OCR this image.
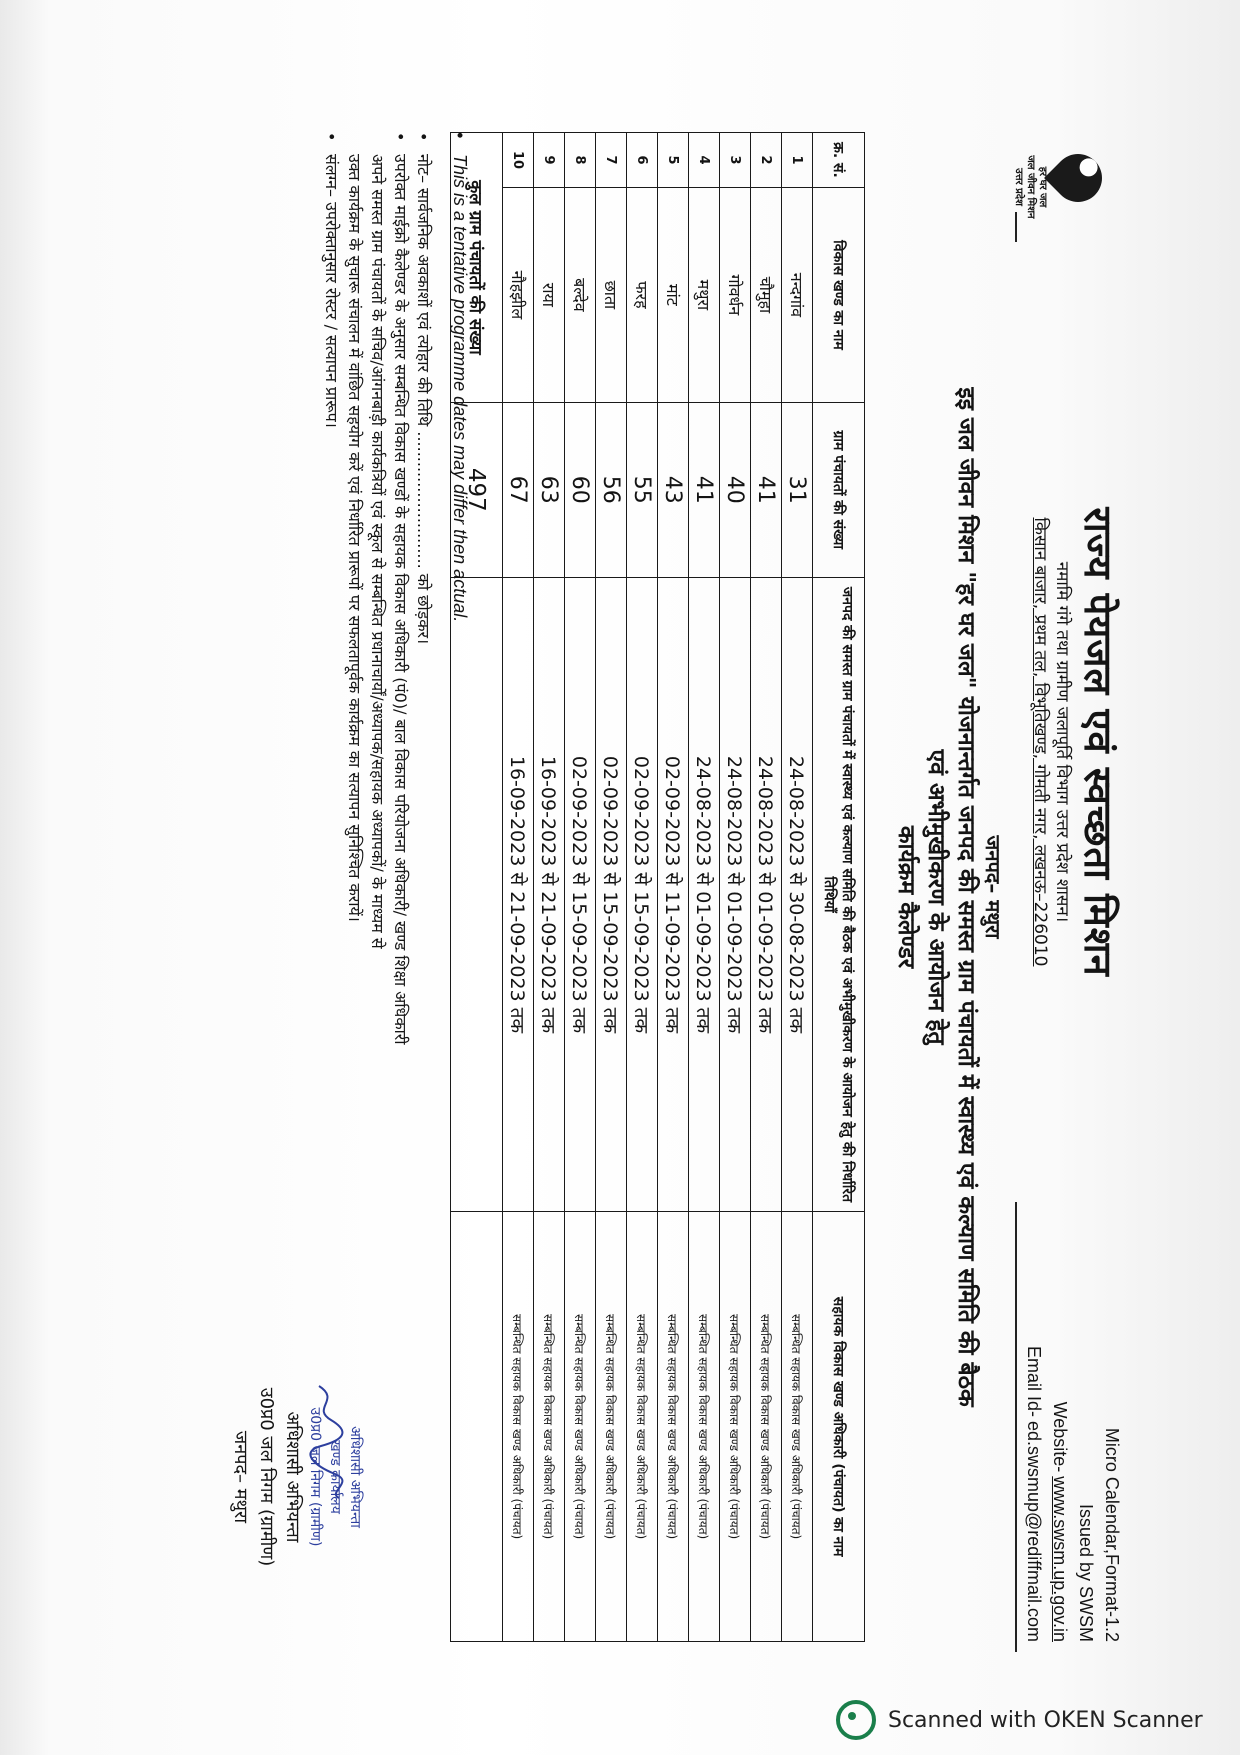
हर घर जल
जल जीवन मिशन
उत्तर प्रदेश
राज्य पेयजल एवं स्वच्छता मिशन
नमामि गंगे तथा ग्रामीण जलापूर्ति विभाग उत्तर प्रदेश शासन।
किसान बाजार, प्रथम तल, विभूतिखण्ड, गोमती नगर, लखनऊ–226010
Micro Calendar,Format-1.2
Issued by SWSM
Website-www.swsm.up.gov.in
Email Id-ed.swsmup@rediffmail.com
जनपद– मथुरा
इइ जल जीवन मिशन "हर घर जल" योजनान्तर्गत जनपद की समस्त ग्राम पंचायतों में स्वास्थ्य एवं कल्याण समिति की बैठक
एवं अभीमुखीकरण के आयोजन हेतु
कार्यक्रम कैलेण्डर
क्र. सं.	विकास खण्ड का नाम	ग्राम पंचायतों की संख्या	जनपद की समस्त ग्राम पंचायतों में स्वास्थ्य एवं कल्याण समिति की बैठक एवं अभीमुखीकरण के आयोजन हेतु की निर्धारित तिथियाँ	सहायक विकास खण्ड अधिकारी (पंचायत) का नाम
1	नन्दगांव	31	24-08-2023 से 30-08-2023 तक	सम्बन्धित सहायक विकास खण्ड अधिकारी (पंचायत)
2	चौमुहा	41	24-08-2023 से 01-09-2023 तक	सम्बन्धित सहायक विकास खण्ड अधिकारी (पंचायत)
3	गोवर्धन	40	24-08-2023 से 01-09-2023 तक	सम्बन्धित सहायक विकास खण्ड अधिकारी (पंचायत)
4	मथुरा	41	24-08-2023 से 01-09-2023 तक	सम्बन्धित सहायक विकास खण्ड अधिकारी (पंचायत)
5	मांट	43	02-09-2023 से 11-09-2023 तक	सम्बन्धित सहायक विकास खण्ड अधिकारी (पंचायत)
6	फरह	55	02-09-2023 से 15-09-2023 तक	सम्बन्धित सहायक विकास खण्ड अधिकारी (पंचायत)
7	छाता	56	02-09-2023 से 15-09-2023 तक	सम्बन्धित सहायक विकास खण्ड अधिकारी (पंचायत)
8	बल्देव	60	02-09-2023 से 15-09-2023 तक	सम्बन्धित सहायक विकास खण्ड अधिकारी (पंचायत)
9	राया	63	16-09-2023 से 21-09-2023 तक	सम्बन्धित सहायक विकास खण्ड अधिकारी (पंचायत)
10	नौहझील	67	16-09-2023 से 21-09-2023 तक	सम्बन्धित सहायक विकास खण्ड अधिकारी (पंचायत)
कुल ग्राम पंचायतों की संख्या		497		
• This is a tentative programme dates may differ then actual.

• नोट– सार्वजनिक अवकाशों एवं त्योहार की तिथि ........................... को छोड़कर।

• उपरोक्त माईक्रो कैलेण्डर के अनुसार सम्बन्धित विकास खण्डों के सहायक विकास अधिकारी (पं0)/ बाल विकास परियोजना अधिकारी/ खण्ड शिक्षा अधिकारी

अपने समस्त ग्राम पंचायतों के सचिव/आंगनबाड़ी कार्यकत्रियों एवं स्कूल से सम्बन्धित प्रधानाचार्यों/अध्यापक/सहायक अध्यापकों/ के माध्यम से

उक्त कार्यक्रम के सुचारू संचालन में वांछित सहयोग करें एवं निर्धारित प्रारूपों पर सफलतापूर्वक कार्यक्रम का सत्यापन सुनिश्चित करायें।

• संलग्न– उपरोक्तानुसार रोस्टर / सत्यापन प्रारूप।

अधिशासी अभियन्ता
खण्ड कार्यालय
उ0प्र0 जल निगम (ग्रामीण)
अधिशासी अभियन्ता
उ0प्र0 जल निगम (ग्रामीण)
जनपद– मथुरा
Scanned with OKEN Scanner
